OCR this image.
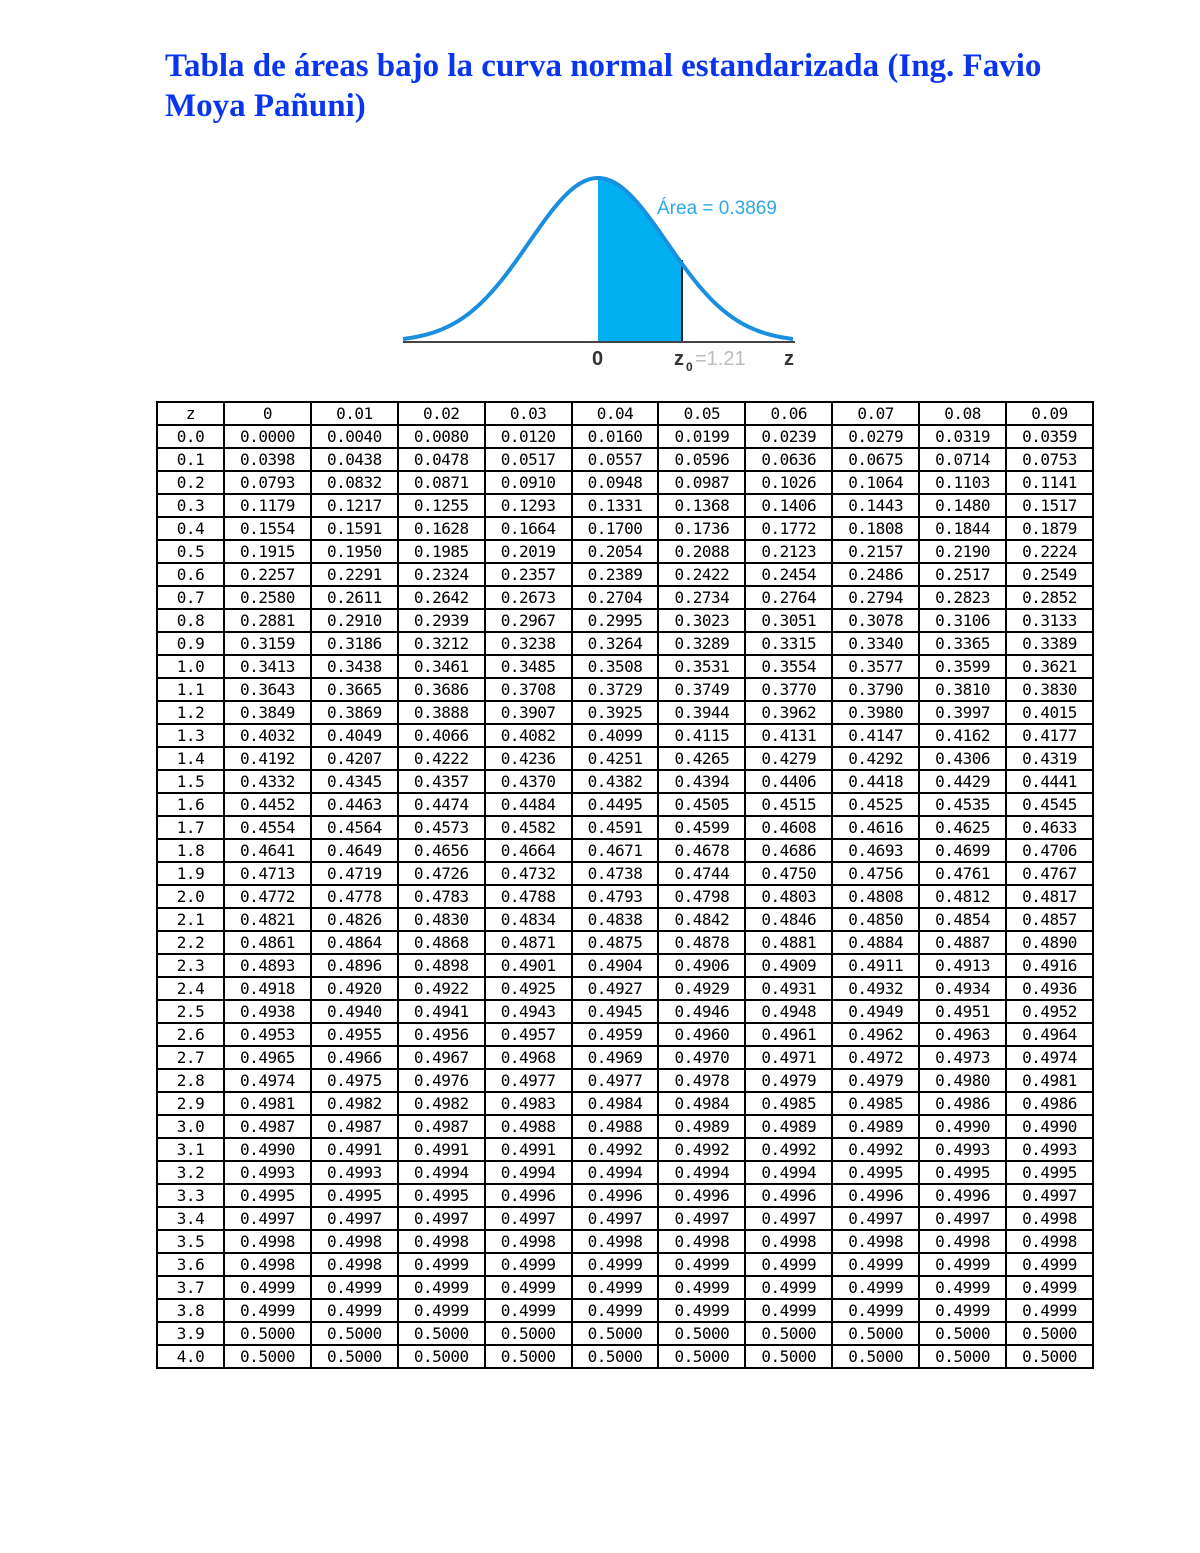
Tabla de áreas bajo la curva normal estandarizada (Ing. Favio Moya Pañuni)
Área = 0.3869
0	z 0 =1.21 z
z	0	0.01	0.02	0.03	0.04	0.05	0.06	0.07	0.08	0.09
0.0	0.0000	0.0040	0.0080	0.0120	0.0160	0.0199	0.0239	0.0279	0.0319	0.0359
0.1	0.0398	0.0438	0.0478	0.0517	0.0557	0.0596	0.0636	0.0675	0.0714	0.0753
0.2	0.0793	0.0832	0.0871	0.0910	0.0948	0.0987	0.1026	0.1064	0.1103	0.1141
0.3	0.1179	0.1217	0.1255	0.1293	0.1331	0.1368	0.1406	0.1443	0.1480	0.1517
0.4	0.1554	0.1591	0.1628	0.1664	0.1700	0.1736	0.1772	0.1808	0.1844	0.1879
0.5	0.1915	0.1950	0.1985	0.2019	0.2054	0.2088	0.2123	0.2157	0.2190	0.2224
0.6	0.2257	0.2291	0.2324	0.2357	0.2389	0.2422	0.2454	0.2486	0.2517	0.2549
0.7	0.2580	0.2611	0.2642	0.2673	0.2704	0.2734	0.2764	0.2794	0.2823	0.2852
0.8	0.2881	0.2910	0.2939	0.2967	0.2995	0.3023	0.3051	0.3078	0.3106	0.3133
0.9	0.3159	0.3186	0.3212	0.3238	0.3264	0.3289	0.3315	0.3340	0.3365	0.3389
1.0	0.3413	0.3438	0.3461	0.3485	0.3508	0.3531	0.3554	0.3577	0.3599	0.3621
1.1	0.3643	0.3665	0.3686	0.3708	0.3729	0.3749	0.3770	0.3790	0.3810	0.3830
1.2	0.3849	0.3869	0.3888	0.3907	0.3925	0.3944	0.3962	0.3980	0.3997	0.4015
1.3	0.4032	0.4049	0.4066	0.4082	0.4099	0.4115	0.4131	0.4147	0.4162	0.4177
1.4	0.4192	0.4207	0.4222	0.4236	0.4251	0.4265	0.4279	0.4292	0.4306	0.4319
1.5	0.4332	0.4345	0.4357	0.4370	0.4382	0.4394	0.4406	0.4418	0.4429	0.4441
1.6	0.4452	0.4463	0.4474	0.4484	0.4495	0.4505	0.4515	0.4525	0.4535	0.4545
1.7	0.4554	0.4564	0.4573	0.4582	0.4591	0.4599	0.4608	0.4616	0.4625	0.4633
1.8	0.4641	0.4649	0.4656	0.4664	0.4671	0.4678	0.4686	0.4693	0.4699	0.4706
1.9	0.4713	0.4719	0.4726	0.4732	0.4738	0.4744	0.4750	0.4756	0.4761	0.4767
2.0	0.4772	0.4778	0.4783	0.4788	0.4793	0.4798	0.4803	0.4808	0.4812	0.4817
2.1	0.4821	0.4826	0.4830	0.4834	0.4838	0.4842	0.4846	0.4850	0.4854	0.4857
2.2	0.4861	0.4864	0.4868	0.4871	0.4875	0.4878	0.4881	0.4884	0.4887	0.4890
2.3	0.4893	0.4896	0.4898	0.4901	0.4904	0.4906	0.4909	0.4911	0.4913	0.4916
2.4	0.4918	0.4920	0.4922	0.4925	0.4927	0.4929	0.4931	0.4932	0.4934	0.4936
2.5	0.4938	0.4940	0.4941	0.4943	0.4945	0.4946	0.4948	0.4949	0.4951	0.4952
2.6	0.4953	0.4955	0.4956	0.4957	0.4959	0.4960	0.4961	0.4962	0.4963	0.4964
2.7	0.4965	0.4966	0.4967	0.4968	0.4969	0.4970	0.4971	0.4972	0.4973	0.4974
2.8	0.4974	0.4975	0.4976	0.4977	0.4977	0.4978	0.4979	0.4979	0.4980	0.4981
2.9	0.4981	0.4982	0.4982	0.4983	0.4984	0.4984	0.4985	0.4985	0.4986	0.4986
3.0	0.4987	0.4987	0.4987	0.4988	0.4988	0.4989	0.4989	0.4989	0.4990	0.4990
3.1	0.4990	0.4991	0.4991	0.4991	0.4992	0.4992	0.4992	0.4992	0.4993	0.4993
3.2	0.4993	0.4993	0.4994	0.4994	0.4994	0.4994	0.4994	0.4995	0.4995	0.4995
3.3	0.4995	0.4995	0.4995	0.4996	0.4996	0.4996	0.4996	0.4996	0.4996	0.4997
3.4	0.4997	0.4997	0.4997	0.4997	0.4997	0.4997	0.4997	0.4997	0.4997	0.4998
3.5	0.4998	0.4998	0.4998	0.4998	0.4998	0.4998	0.4998	0.4998	0.4998	0.4998
3.6	0.4998	0.4998	0.4999	0.4999	0.4999	0.4999	0.4999	0.4999	0.4999	0.4999
3.7	0.4999	0.4999	0.4999	0.4999	0.4999	0.4999	0.4999	0.4999	0.4999	0.4999
3.8	0.4999	0.4999	0.4999	0.4999	0.4999	0.4999	0.4999	0.4999	0.4999	0.4999
3.9	0.5000	0.5000	0.5000	0.5000	0.5000	0.5000	0.5000	0.5000	0.5000	0.5000
4.0	0.5000	0.5000	0.5000	0.5000	0.5000	0.5000	0.5000	0.5000	0.5000	0.5000
